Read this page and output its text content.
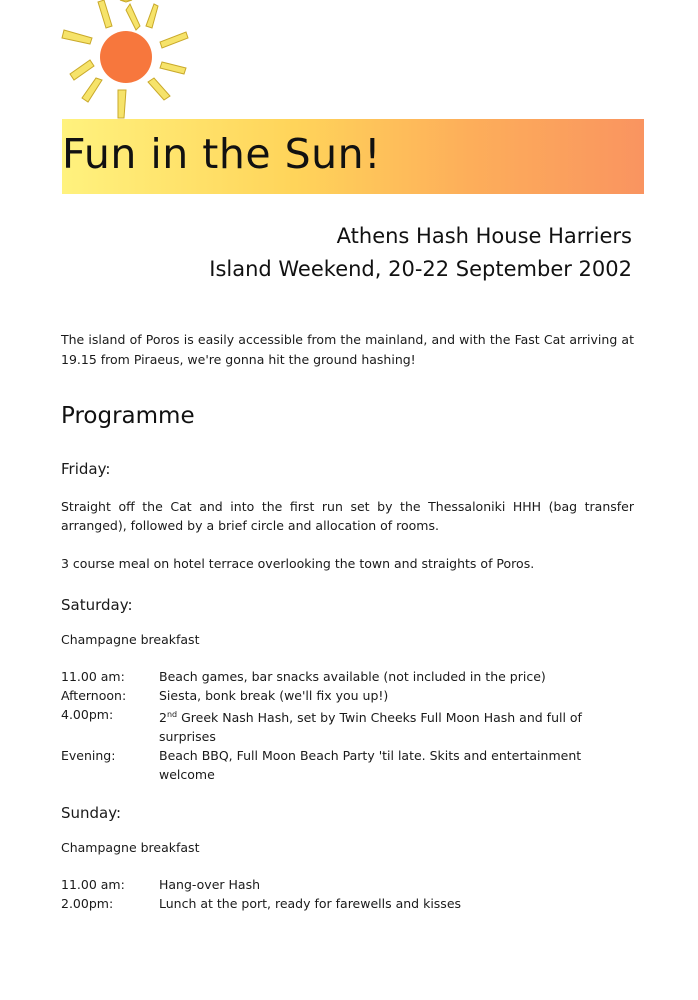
Fun in the Sun!
Athens Hash House Harriers
Island Weekend, 20-22 September 2002

The island of Poros is easily accessible from the mainland, and with the Fast Cat arriving at 19.15 from Piraeus, we're gonna hit the ground hashing!

Programme
Friday:

Straight off the Cat and into the first run set by the Thessaloniki HHH (bag transfer arranged), followed by a brief circle and allocation of rooms.

3 course meal on hotel terrace overlooking the town and straights of Poros.

Saturday:

Champagne breakfast

11.00 am:	Beach games, bar snacks available (not included in the price)
Afternoon:	Siesta, bonk break (we'll fix you up!)
4.00pm:	2nd Greek Nash Hash, set by Twin Cheeks Full Moon Hash and full of surprises
Evening:	Beach BBQ, Full Moon Beach Party 'til late. Skits and entertainment welcome
Sunday:

Champagne breakfast

11.00 am:	Hang-over Hash
2.00pm:	Lunch at the port, ready for farewells and kisses
